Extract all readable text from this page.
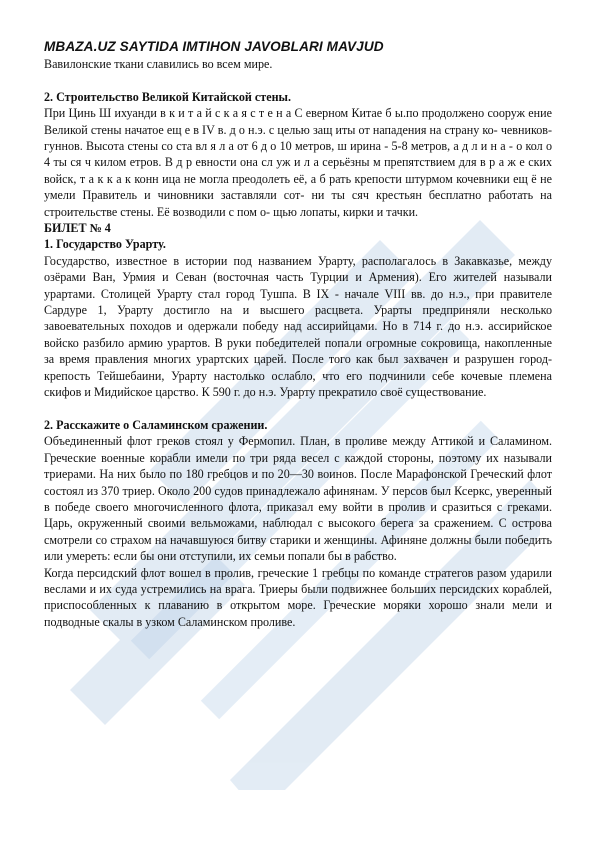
MBAZA.UZ SAYTIDA IMTIHON JAVOBLARI MAVJUD

Вавилонские ткани славились во всем мире.

2. Строительство Великой Китайской стены.

При Цинь Ш ихуанди в к и т а й с к а я с т е н а С еверном Китае б ы.по продолжено сооруж ение Великой стены начатое ещ е в IV в. д о н.э. с целью защ иты от нападения на страну ко- чевников-гуннов. Высота стены со ста вл я л а от 6 д о 10 метров, ш ирина - 5-8 метров, а д л и н а - о кол о 4 ты ся ч килом етров. В д р евности она сл уж и л а серьёзны м препятствием для в р а ж е ских войск, т а к к а к конн ица не могла преодолеть её, а б рать крепости штурмом кочевники ещ ё не умели Правитель и чиновники заставляли сот- ни ты сяч крестьян бесплатно работать на строительстве стены. Её возводили с пом о- щью лопаты, кирки и тачки.

БИЛЕТ № 4

1. Государство Урарту.

Государство, известное в истории под названием Урарту, располагалось в Закавказье, между озёрами Ван, Урмия и Севан (восточная часть Турции и Армения). Его жителей называли урартами. Столицей Урарту стал город Тушпа. В IX - начале VIII вв. до н.э., при правителе Сардуре 1, Урарту достигло на и высшего расцвета. Урарты предприняли несколько завоевательных походов и одержали победу над ассирийцами. Но в 714 г. до н.э. ассирийское войско разбило армию урартов. В руки победителей попали огромные сокровища, накопленные за время правления многих урартских царей. После того как был захвачен и разрушен город-крепость Тейшебаини, Урарту настолько ослабло, что его подчинили себе кочевые племена скифов и Мидийское царство. К 590 г. до н.э. Урарту прекратило своё существование.

2. Расскажите о Саламинском сражении.

Объединенный флот греков стоял у Фермопил. План, в проливе между Аттикой и Саламином. Греческие военные корабли имели по три ряда весел с каждой стороны, поэтому их называли триерами. На них было по 180 гребцов и по 20—30 воинов. После Марафонской Греческий флот состоял из 370 триер. Около 200 судов принадлежало афинянам. У персов был Ксеркс, уверенный в победе своего многочисленного флота, приказал ему войти в пролив и сразиться с греками. Царь, окруженный своими вельможами, наблюдал с высокого берега за сражением. С острова смотрели со страхом на начавшуюся битву старики и женщины. Афиняне должны были победить или умереть: если бы они отступили, их семьи попали бы в рабство.

Когда персидский флот вошел в пролив, греческие 1 гребцы по команде стратегов разом ударили веслами и их суда устремились на врага. Триеры были подвижнее больших персидских кораблей, приспособленных к плаванию в открытом море. Греческие моряки хорошо знали мели и подводные скалы в узком Саламинском проливе.
